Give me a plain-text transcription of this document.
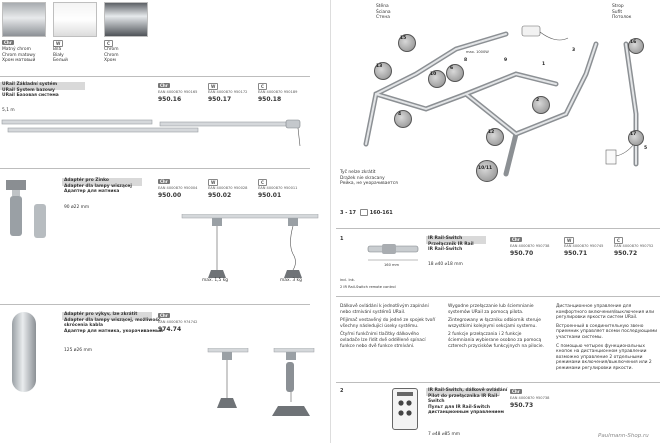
Chr
Matný chrom
Chrom matowy
Хром матовый
W
Bílá
Biały
Белый
C
Chrom
Chrom
Хром
URail Základní systém
URail System bazowy
URail Базовая система
Chr
EAN 4000870 950165
950.16
W
EAN 4000870 950172
950.17
C
EAN 4000870 950189
950.18
5,1 m
Adaptér pro Zinko
Adapter dla lampy wiszącej
Адаптер для матника
Chr
EAN 4000870 950004
950.00
W
EAN 4000870 950028
950.02
C
EAN 4000870 950011
950.01
90 ø22 mm
max. 1,5 kg	max. 3 kg
Adaptér pro výkyv, lze zkrátit
Adapter dla lampy wiszącej, możliwość
skrócenia kabla
Адаптер для матника, укорачиваемый
Chr
EAN 4000870 974742
974.74
125 ø26 mm
Stěna
Ściana
Стена
Strop
Sufit
Потолок
15
13
10
6
8	9
1
2
3
4
12
10/11
16
17
5
max. 1000W
Tyč nelze zkrátit
Drążek nie skracany
Рейка, не укорачивается
3 - 17	160-161
1
160 mm
incl. lnk.
2 IR Rail-Switch remote control
IR Rail-Switch
Przełącznik IR Rail
IR Rail-Switch
Chr
EAN 4000870 950738
950.70
W
EAN 4000870 950745
950.71
C
EAN 4000870 950752
950.72
18 ⌀40 ⌀18 mm

Dálkově ovládání k jednotlivým zapínání nebo stmívání systémů URail.

Přijímač vestavěný do jedné ze spojek tvoří všechny následující úseky systému.

Čtyřmi funkčními tlačítky dálkového ovladače lze řídit dvě oddělené spínací funkce nebo dvě funkce stmívání.

Wygodne przełączanie lub ściemnianie systemów URail za pomocą pilota.

Zintegrowany w łączniku odbiornik steruje wszystkimi kolejnymi sekcjami systemu.

2 funkcje przełączania i 2 funkcje ściemniania wybierane osobno za pomocą czterech przycisków funkcyjnych na pilocie.

Дистанционное управление для комфортного включения/выключения или регулировки яркости систем URail.

Встроенный в соединительную звено приемник управляет всеми последующими участками системы.

С помощью четырех функциональных кнопок на дистанционном управлении возможно управление 2 отдельными режимами включения/выключения или 2 режимами регулировки яркости.

2	IR Rail-Switch, dálkově ovládání
Pilot do przełącznika IR Rail-
Switch
Пульт для IR Rail-Switch
дистанционным управлением
Chr
EAN 4000870 950738
950.73
7 ⌀48 ⌀85 mm	Paulmann-Shop.ru
